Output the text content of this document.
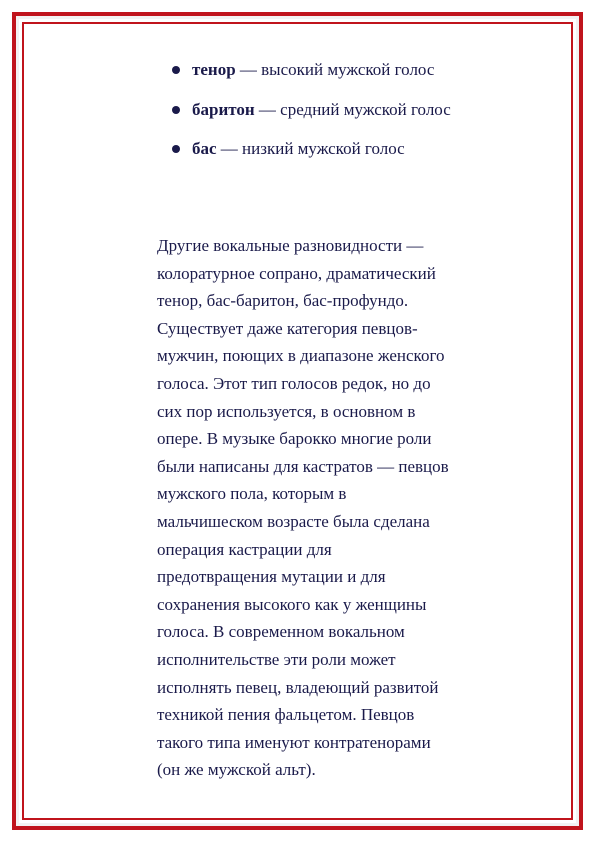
тенор — высокий мужской голос
баритон — средний мужской голос
бас — низкий мужской голос
Другие вокальные разновидности —
колоратурное сопрано, драматический
тенор, бас-баритон, бас-профундо.
Существует даже категория певцов-
мужчин, поющих в диапазоне женского
голоса. Этот тип голосов редок, но до
сих пор используется, в основном в
опере. В музыке барокко многие роли
были написаны для кастратов — певцов
мужского пола, которым в
мальчишеском возрасте была сделана
операция кастрации для
предотвращения мутации и для
сохранения высокого как у женщины
голоса. В современном вокальном
исполнительстве эти роли может
исполнять певец, владеющий развитой
техникой пения фальцетом. Певцов
такого типа именуют контратенорами
(он же мужской альт).
